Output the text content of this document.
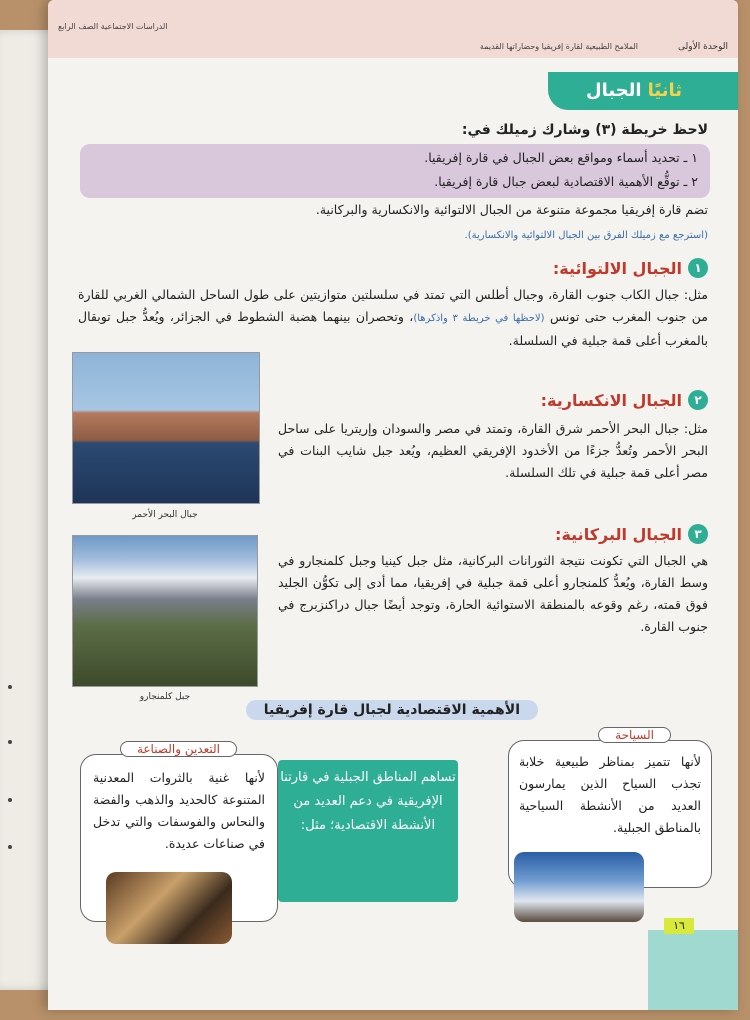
الوحدة الأولى
الملامح الطبيعية لقارة إفريقيا وحضاراتها القديمة
الدراسات الاجتماعية الصف الرابع
ثانيًاالجبال
لاحظ خريطة (٣) وشارك زميلك في:
١ ـ تحديد أسماء ومواقع بعض الجبال في قارة إفريقيا.
٢ ـ توقُّع الأهمية الاقتصادية لبعض جبال قارة إفريقيا.
تضم قارة إفريقيا مجموعة متنوعة من الجبال الالتوائية والانكسارية والبركانية.
(استرجع مع زميلك الفرق بين الجبال الالتوائية والانكسارية).
١
الجبال الالتوائية:
مثل: جبال الكاب جنوب القارة، وجبال أطلس التي تمتد في سلسلتين متوازيتين على طول الساحل الشمالي الغربي للقارة من جنوب المغرب حتى تونس (لاحظها في خريطة ٣ واذكرها)، وتحصران بينهما هضبة الشطوط في الجزائر، ويُعدُّ جبل توبقال بالمغرب أعلى قمة جبلية في السلسلة.
جبال البحر الأحمر
٢
الجبال الانكسارية:
مثل: جبال البحر الأحمر شرق القارة، وتمتد في مصر والسودان وإريتريا على ساحل البحر الأحمر وتُعدُّ جزءًا من الأخدود الإفريقي العظيم، ويُعد جبل شايب البنات في مصر أعلى قمة جبلية في تلك السلسلة.
جبل كلمنجارو
٣
الجبال البركانية:
هي الجبال التي تكونت نتيجة الثورانات البركانية، مثل جبل كينيا وجبل كلمنجارو في وسط القارة، ويُعدُّ كلمنجارو أعلى قمة جبلية في إفريقيا، مما أدى إلى تكوُّن الجليد فوق قمته، رغم وقوعه بالمنطقة الاستوائية الحارة، وتوجد أيضًا جبال دراكنزبرج في جنوب القارة.
الأهمية الاقتصادية لجبال قارة إفريقيا
السياحة
لأنها تتميز بمناظر طبيعية خلابة تجذب السياح الذين يمارسون العديد من الأنشطة السياحية بالمناطق الجبلية.
تساهم المناطق الجبلية في قارتنا الإفريقية في دعم العديد من الأنشطة الاقتصادية؛ مثل:
التعدين والصناعة
لأنها غنية بالثروات المعدنية المتنوعة كالحديد والذهب والفضة والنحاس والفوسفات والتي تدخل في صناعات عديدة.
١٦
